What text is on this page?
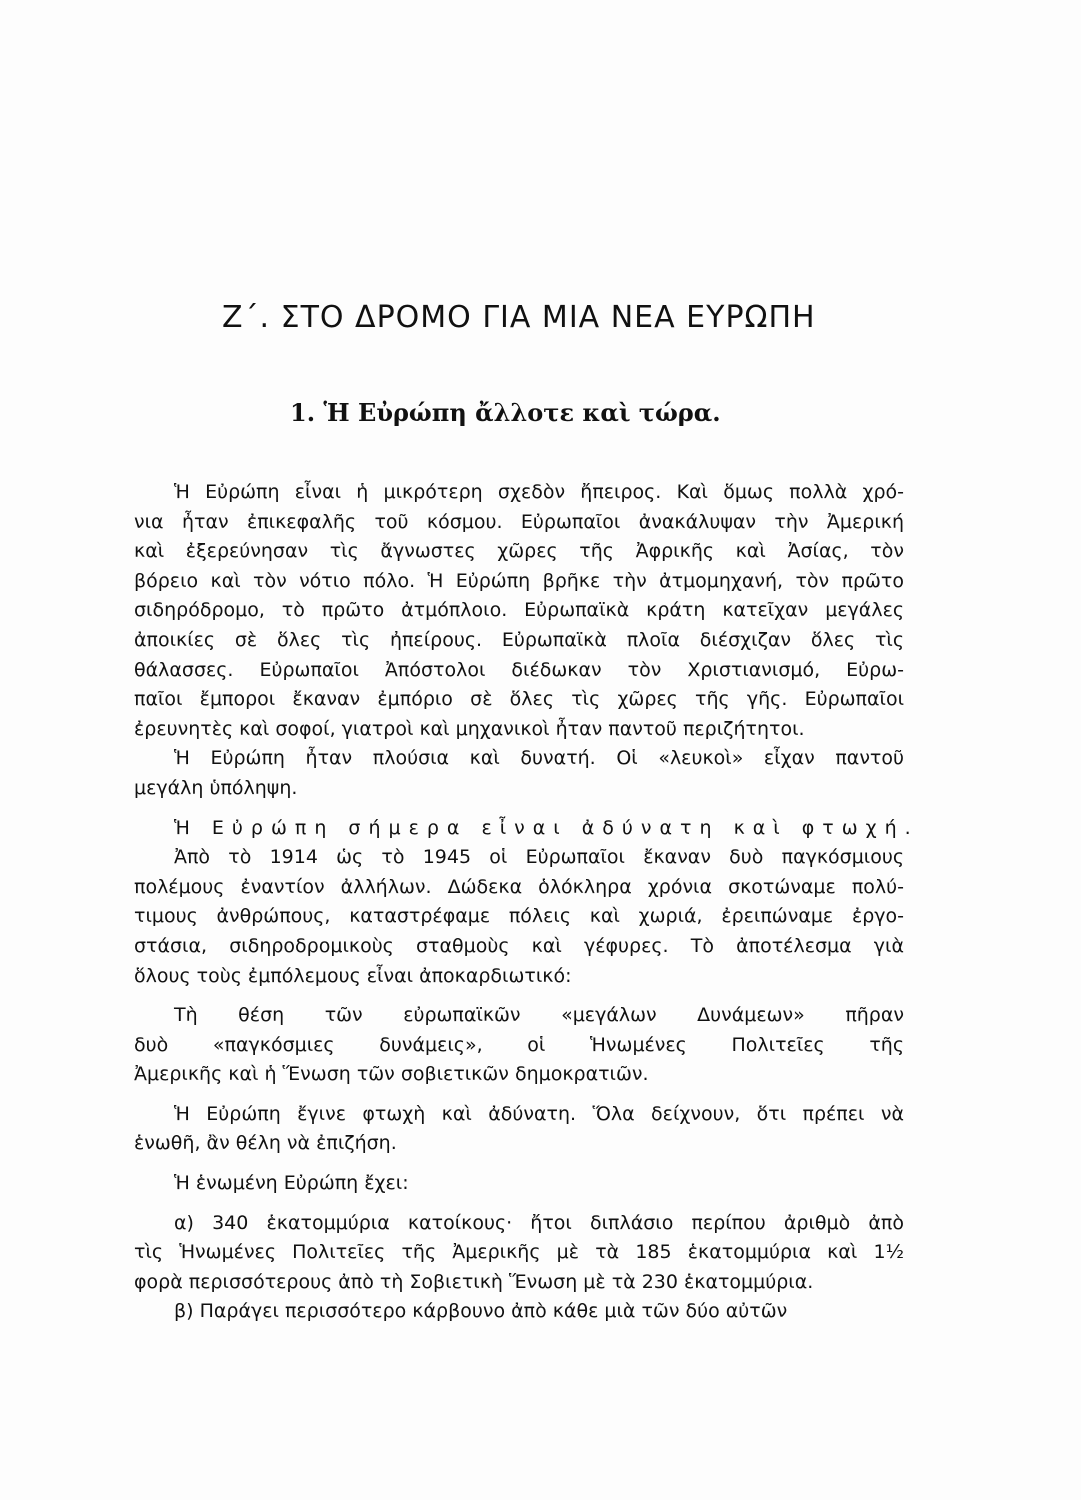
Ζ΄. ΣΤΟ ΔΡΟΜΟ ΓΙΑ ΜΙΑ ΝΕΑ ΕΥΡΩΠΗ
1. Ἡ Εὐρώπη ἄλλοτε καὶ τώρα.
Ἡ Εὐρώπη εἶναι ἡ μικρότερη σχεδὸν ἤπειρος. Καὶ ὅμως πολλὰ χρό-
νια ἦταν ἐπικεφαλῆς τοῦ κόσμου. Εὐρωπαῖοι ἀνακάλυψαν τὴν Ἀμερική
καὶ ἐξερεύνησαν τὶς ἄγνωστες χῶρες τῆς Ἀφρικῆς καὶ Ἀσίας, τὸν
βόρειο καὶ τὸν νότιο πόλο. Ἡ Εὐρώπη βρῆκε τὴν ἀτμομηχανή, τὸν πρῶτο
σιδηρόδρομο, τὸ πρῶτο ἀτμόπλοιο. Εὐρωπαϊκὰ κράτη κατεῖχαν μεγάλες
ἀποικίες σὲ ὅλες τὶς ἠπείρους. Εὐρωπαϊκὰ πλοῖα διέσχιζαν ὅλες τὶς
θάλασσες. Εὐρωπαῖοι Ἀπόστολοι διέδωκαν τὸν Χριστιανισμό, Εὐρω-
παῖοι ἔμποροι ἔκαναν ἐμπόριο σὲ ὅλες τὶς χῶρες τῆς γῆς. Εὐρωπαῖοι
ἐρευνητὲς καὶ σοφοί, γιατροὶ καὶ μηχανικοὶ ἦταν παντοῦ περιζήτητοι.
Ἡ Εὐρώπη ἦταν πλούσια καὶ δυνατή. Οἱ «λευκοὶ» εἶχαν παντοῦ
μεγάλη ὑπόληψη.
Ἡ Εὐρώπη σήμερα εἶναι ἀδύνατη καὶ φτωχή.
Ἀπὸ τὸ 1914 ὡς τὸ 1945 οἱ Εὐρωπαῖοι ἔκαναν δυὸ παγκόσμιους
πολέμους ἐναντίον ἀλλήλων. Δώδεκα ὁλόκληρα χρόνια σκοτώναμε πολύ-
τιμους ἀνθρώπους, καταστρέφαμε πόλεις καὶ χωριά, ἐρειπώναμε ἐργο-
στάσια, σιδηροδρομικοὺς σταθμοὺς καὶ γέφυρες. Τὸ ἀποτέλεσμα γιὰ
ὅλους τοὺς ἐμπόλεμους εἶναι ἀποκαρδιωτικό:
Τὴ θέση τῶν εὐρωπαϊκῶν «μεγάλων Δυνάμεων» πῆραν
δυὸ «παγκόσμιες δυνάμεις», οἱ Ἡνωμένες Πολιτεῖες τῆς
Ἀμερικῆς καὶ ἡ Ἕνωση τῶν σοβιετικῶν δημοκρατιῶν.
Ἡ Εὐρώπη ἔγινε φτωχὴ καὶ ἀδύνατη. Ὅλα δείχνουν, ὅτι πρέπει νὰ
ἑνωθῆ, ἂν θέλη νὰ ἐπιζήση.
Ἡ ἑνωμένη Εὐρώπη ἔχει:
α) 340 ἑκατομμύρια κατοίκους· ἤτοι διπλάσιο περίπου ἀριθμὸ ἀπὸ
τὶς Ἡνωμένες Πολιτεῖες τῆς Ἀμερικῆς μὲ τὰ 185 ἑκατομμύρια καὶ 1½
φορὰ περισσότερους ἀπὸ τὴ Σοβιετικὴ Ἕνωση μὲ τὰ 230 ἑκατομμύρια.
β) Παράγει περισσότερο κάρβουνο ἀπὸ κάθε μιὰ τῶν δύο αὐτῶν
